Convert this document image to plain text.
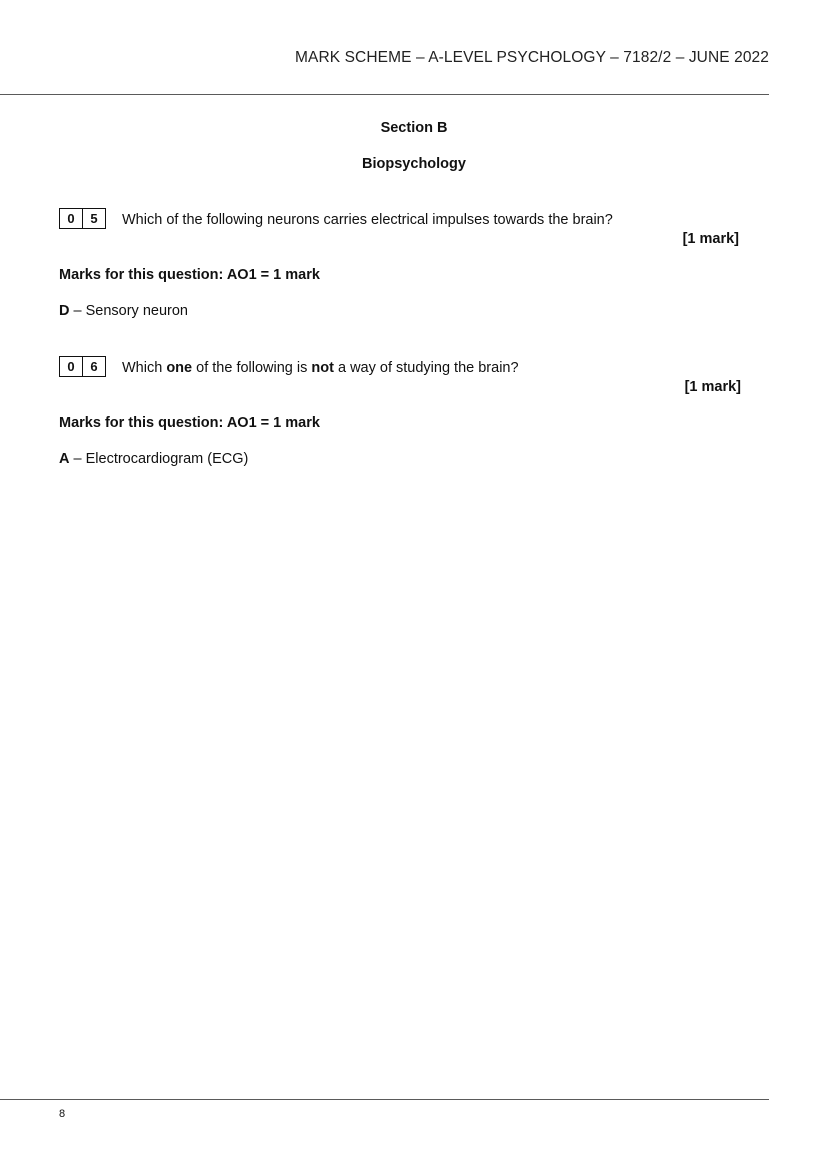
MARK SCHEME – A-LEVEL PSYCHOLOGY – 7182/2 – JUNE 2022
Section B
Biopsychology
0	5	Which of the following neurons carries electrical impulses towards the brain?
[1 mark]
Marks for this question: AO1 = 1 mark
D – Sensory neuron
0	6	Which one of the following is not a way of studying the brain?
[1 mark]
Marks for this question: AO1 = 1 mark
A – Electrocardiogram (ECG)
8
